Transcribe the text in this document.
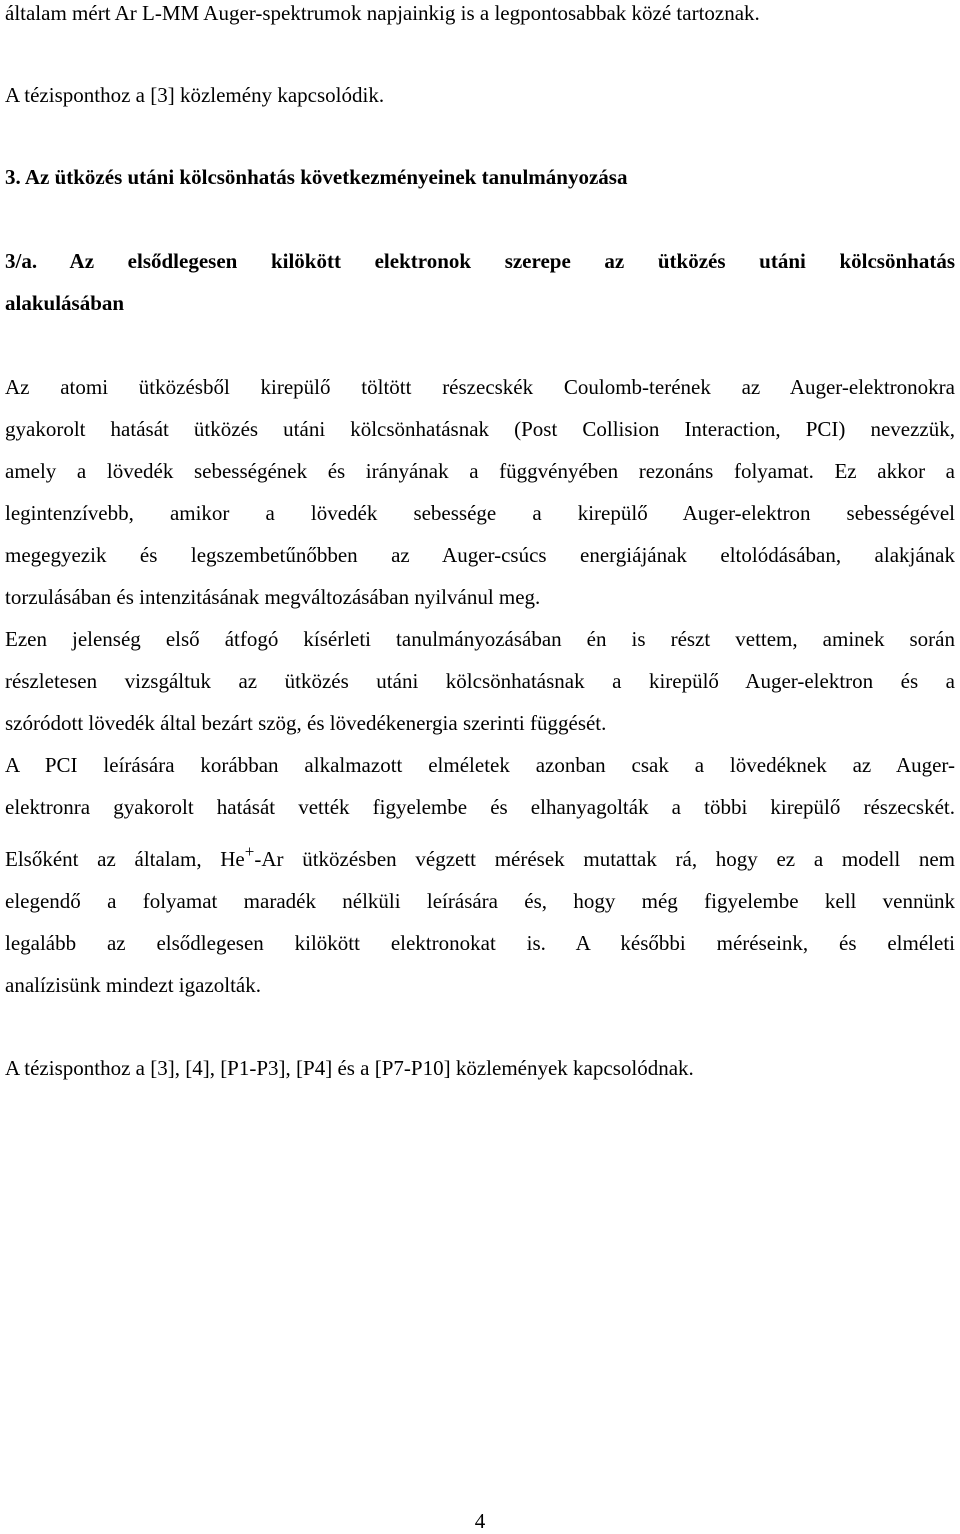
általam mért Ar L-MM Auger-spektrumok napjainkig is a legpontosabbak közé tartoznak.
A tézisponthoz a [3] közlemény kapcsolódik.
3. Az ütközés utáni kölcsönhatás következményeinek tanulmányozása
3/a. Az elsődlegesen kilökött elektronok szerepe az ütközés utáni kölcsönhatás
alakulásában
Az atomi ütközésből kirepülő töltött részecskék Coulomb-terének az Auger-elektronokra
gyakorolt hatását ütközés utáni kölcsönhatásnak (Post Collision Interaction, PCI) nevezzük,
amely a lövedék sebességének és irányának a függvényében rezonáns folyamat. Ez akkor a
legintenzívebb, amikor a lövedék sebessége a kirepülő Auger-elektron sebességével
megegyezik és legszembetűnőbben az Auger-csúcs energiájának eltolódásában, alakjának
torzulásában és intenzitásának megváltozásában nyilvánul meg.
Ezen jelenség első átfogó kísérleti tanulmányozásában én is részt vettem, aminek során
részletesen vizsgáltuk az ütközés utáni kölcsönhatásnak a kirepülő Auger-elektron és a
szóródott lövedék által bezárt szög, és lövedékenergia szerinti függését.
A PCI leírására korábban alkalmazott elméletek azonban csak a lövedéknek az Auger-
elektronra gyakorolt hatását vették figyelembe és elhanyagolták a többi kirepülő részecskét.
Elsőként az általam, He+-Ar ütközésben végzett mérések mutattak rá, hogy ez a modell nem
elegendő a folyamat maradék nélküli leírására és, hogy még figyelembe kell vennünk
legalább az elsődlegesen kilökött elektronokat is. A későbbi méréseink, és elméleti
analízisünk mindezt igazolták.
A tézisponthoz a [3], [4], [P1-P3], [P4] és a [P7-P10] közlemények kapcsolódnak.
4
